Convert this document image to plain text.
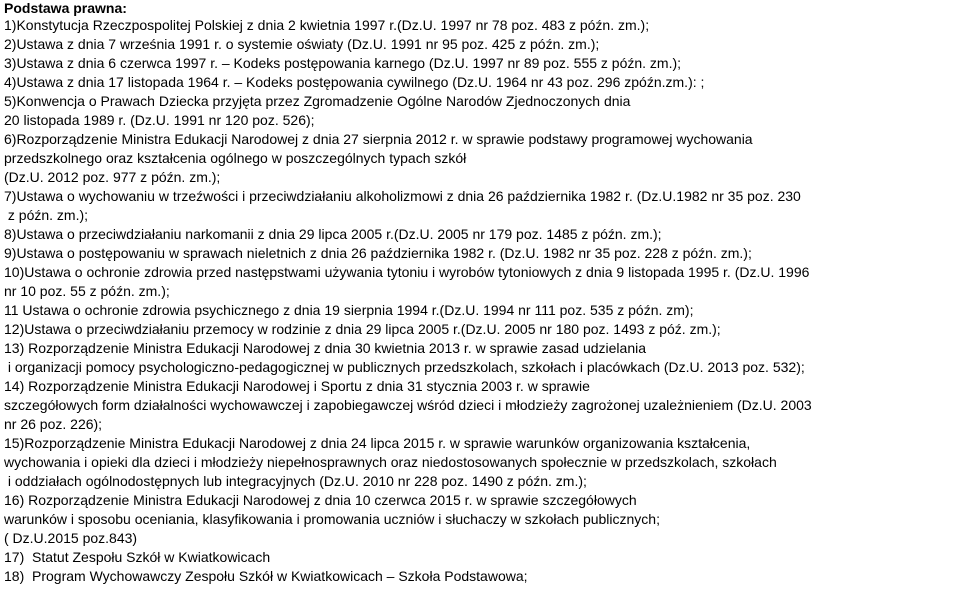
Podstawa prawna:
1)Konstytucja Rzeczpospolitej Polskiej z dnia 2 kwietnia 1997 r.(Dz.U. 1997 nr 78 poz. 483 z późn. zm.);
2)Ustawa z dnia 7 września 1991 r. o systemie oświaty (Dz.U. 1991 nr 95 poz. 425 z późn. zm.);
3)Ustawa z dnia 6 czerwca 1997 r. – Kodeks postępowania karnego (Dz.U. 1997 nr 89 poz. 555 z późn. zm.);
4)Ustawa z dnia 17 listopada 1964 r. – Kodeks postępowania cywilnego (Dz.U. 1964 nr 43 poz. 296 zpóźn.zm.): ;
5)Konwencja o Prawach Dziecka przyjęta przez Zgromadzenie Ogólne Narodów Zjednoczonych dnia
20 listopada 1989 r. (Dz.U. 1991 nr 120 poz. 526);
6)Rozporządzenie Ministra Edukacji Narodowej z dnia 27 sierpnia 2012 r. w sprawie podstawy programowej wychowania
przedszkolnego oraz kształcenia ogólnego w poszczególnych typach szkół
(Dz.U. 2012 poz. 977 z późn. zm.);
7)Ustawa o wychowaniu w trzeźwości i przeciwdziałaniu alkoholizmowi z dnia 26 października 1982 r. (Dz.U.1982 nr 35 poz. 230
z późn. zm.);
8)Ustawa o przeciwdziałaniu narkomanii z dnia 29 lipca 2005 r.(Dz.U. 2005 nr 179 poz. 1485 z późn. zm.);
9)Ustawa o postępowaniu w sprawach nieletnich z dnia 26 października 1982 r. (Dz.U. 1982 nr 35 poz. 228 z późn. zm.);
10)Ustawa o ochronie zdrowia przed następstwami używania tytoniu i wyrobów tytoniowych z dnia 9 listopada 1995 r. (Dz.U. 1996
nr 10 poz. 55 z późn. zm.);
11 Ustawa o ochronie zdrowia psychicznego z dnia 19 sierpnia 1994 r.(Dz.U. 1994 nr 111 poz. 535 z późn. zm);
12)Ustawa o przeciwdziałaniu przemocy w rodzinie z dnia 29 lipca 2005 r.(Dz.U. 2005 nr 180 poz. 1493 z póź. zm.);
13) Rozporządzenie Ministra Edukacji Narodowej z dnia 30 kwietnia 2013 r. w sprawie zasad udzielania
i organizacji pomocy psychologiczno-pedagogicznej w publicznych przedszkolach, szkołach i placówkach (Dz.U. 2013 poz. 532);
14) Rozporządzenie Ministra Edukacji Narodowej i Sportu z dnia 31 stycznia 2003 r. w sprawie
szczegółowych form działalności wychowawczej i zapobiegawczej wśród dzieci i młodzieży zagrożonej uzależnieniem (Dz.U. 2003
nr 26 poz. 226);
15)Rozporządzenie Ministra Edukacji Narodowej z dnia 24 lipca 2015 r. w sprawie warunków organizowania kształcenia,
wychowania i opieki dla dzieci i młodzieży niepełnosprawnych oraz niedostosowanych społecznie w przedszkolach, szkołach
i oddziałach ogólnodostępnych lub integracyjnych (Dz.U. 2010 nr 228 poz. 1490 z późn. zm.);
16) Rozporządzenie Ministra Edukacji Narodowej z dnia 10 czerwca 2015 r. w sprawie szczegółowych
warunków i sposobu oceniania, klasyfikowania i promowania uczniów i słuchaczy w szkołach publicznych;
( Dz.U.2015 poz.843)
17)  Statut Zespołu Szkół w Kwiatkowicach
18)  Program Wychowawczy Zespołu Szkół w Kwiatkowicach – Szkoła Podstawowa;
